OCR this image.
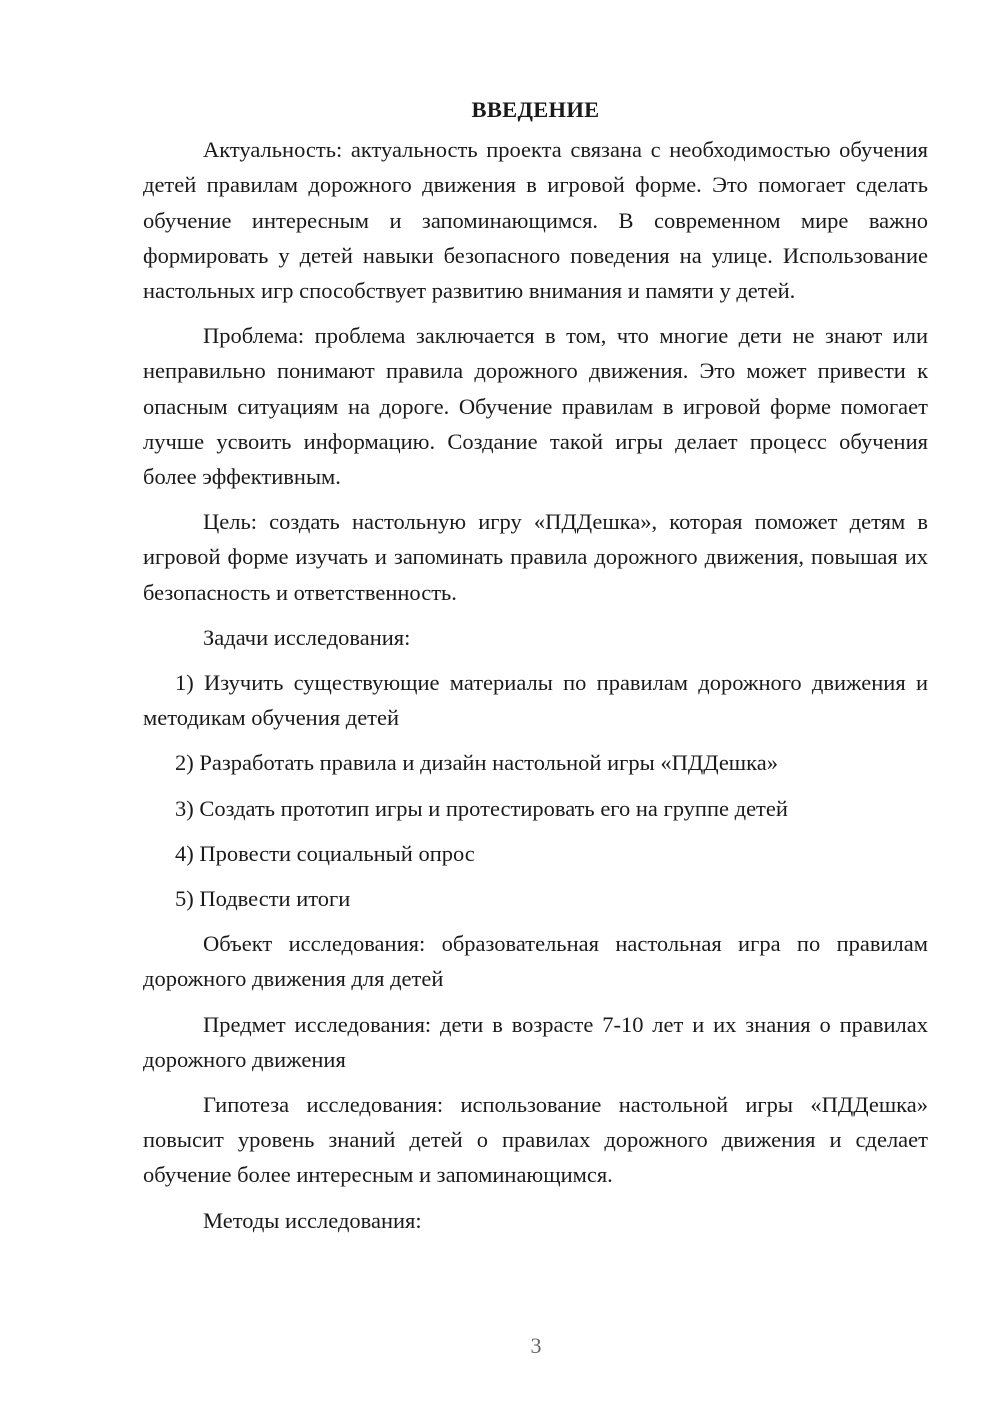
ВВЕДЕНИЕ

Актуальность: актуальность проекта связана с необходимостью обучения детей правилам дорожного движения в игровой форме. Это помогает сделать обучение интересным и запоминающимся. В современном мире важно формировать у детей навыки безопасного поведения на улице. Использование настольных игр способствует развитию внимания и памяти у детей.

Проблема: проблема заключается в том, что многие дети не знают или неправильно понимают правила дорожного движения. Это может привести к опасным ситуациям на дороге. Обучение правилам в игровой форме помогает лучше усвоить информацию. Создание такой игры делает процесс обучения более эффективным.

Цель: создать настольную игру «ПДДешка», которая поможет детям в игровой форме изучать и запоминать правила дорожного движения, повышая их безопасность и ответственность.

Задачи исследования:

1) Изучить существующие материалы по правилам дорожного движения и методикам обучения детей

2) Разработать правила и дизайн настольной игры «ПДДешка»

3) Создать прототип игры и протестировать его на группе детей

4) Провести социальный опрос

5) Подвести итоги

Объект исследования: образовательная настольная игра по правилам дорожного движения для детей

Предмет исследования: дети в возрасте 7-10 лет и их знания о правилах дорожного движения

Гипотеза исследования: использование настольной игры «ПДДешка» повысит уровень знаний детей о правилах дорожного движения и сделает обучение более интересным и запоминающимся.

Методы исследования:

3
